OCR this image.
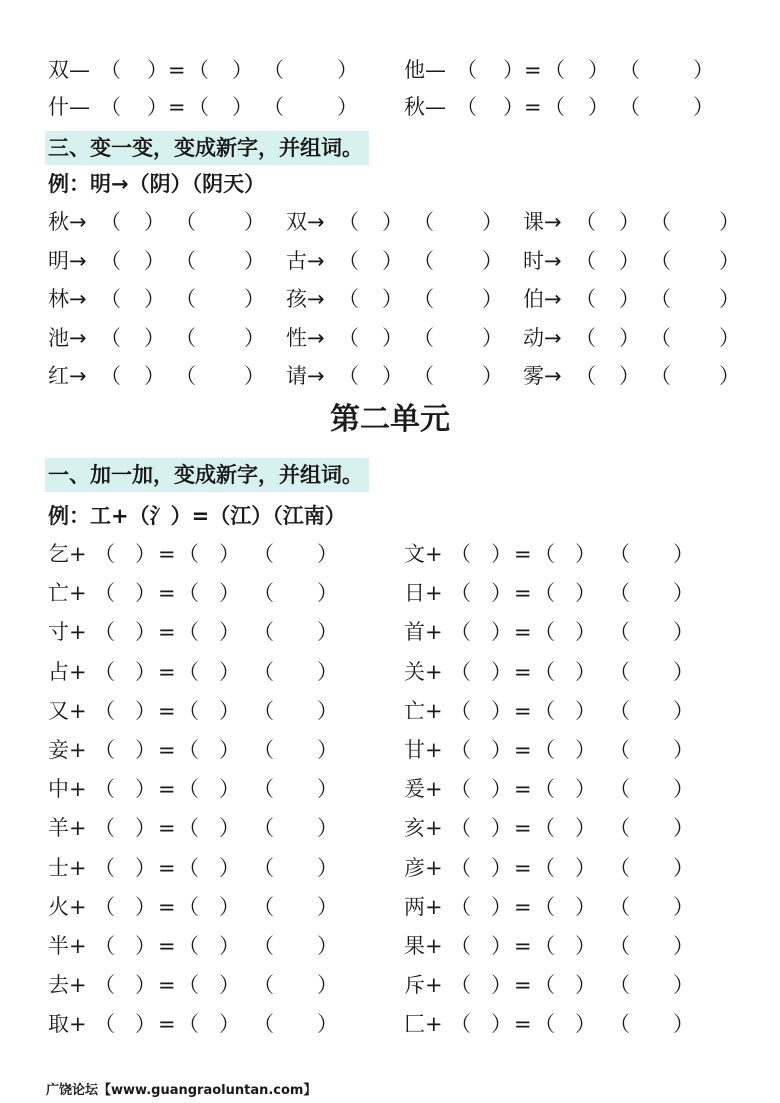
双— （ ） = （ ） （	） 他— （ ） = （ ） （	）
什— （ ） = （ ） （	） 秋— （ ） = （ ） （	）
三、变一变，变成新字，并组词。
例：明→（阴）（阴天）
秋→ （ ） （ ） 双→ （ ） （ ） 课→ （ ） （ ）
明→ （ ） （ ） 古→ （ ） （ ） 时→ （ ） （ ）
林→ （ ） （ ） 孩→ （ ） （ ） 伯→ （ ） （ ）
池→ （ ） （ ） 性→ （ ） （ ） 动→ （ ） （ ）
红→ （ ） （ ） 请→ （ ） （ ） 雾→ （ ） （ ）
第二单元
一、加一加，变成新字，并组词。
例：工+（氵）=（江）（江南）
乞+ （ ） = （ ） （ ）	文+ （ ） = （ ） （ ）
亡+ （ ） = （ ） （ ）	日+ （ ） = （ ） （ ）
寸+ （ ） = （ ） （ ）	首+ （ ） = （ ） （ ）
占+ （ ） = （ ） （ ）	关+ （ ） = （ ） （ ）
又+ （ ） = （ ） （ ）	亡+ （ ） = （ ） （ ）
妾+ （ ） = （ ） （ ）	甘+ （ ） = （ ） （ ）
中+ （ ） = （ ） （ ）	爰+ （ ） = （ ） （ ）
羊+ （ ） = （ ） （ ）	亥+ （ ） = （ ） （ ）
士+ （ ） = （ ） （ ）	彦+ （ ） = （ ） （ ）
火+ （ ） = （ ） （ ）	两+ （ ） = （ ） （ ）
半+ （ ） = （ ） （ ）	果+ （ ） = （ ） （ ）
去+ （ ） = （ ） （ ）	斥+ （ ） = （ ） （ ）
取+ （ ） = （ ） （ ）	匚+ （ ） = （ ） （ ）
广饶论坛【www.guangraoluntan.com】
